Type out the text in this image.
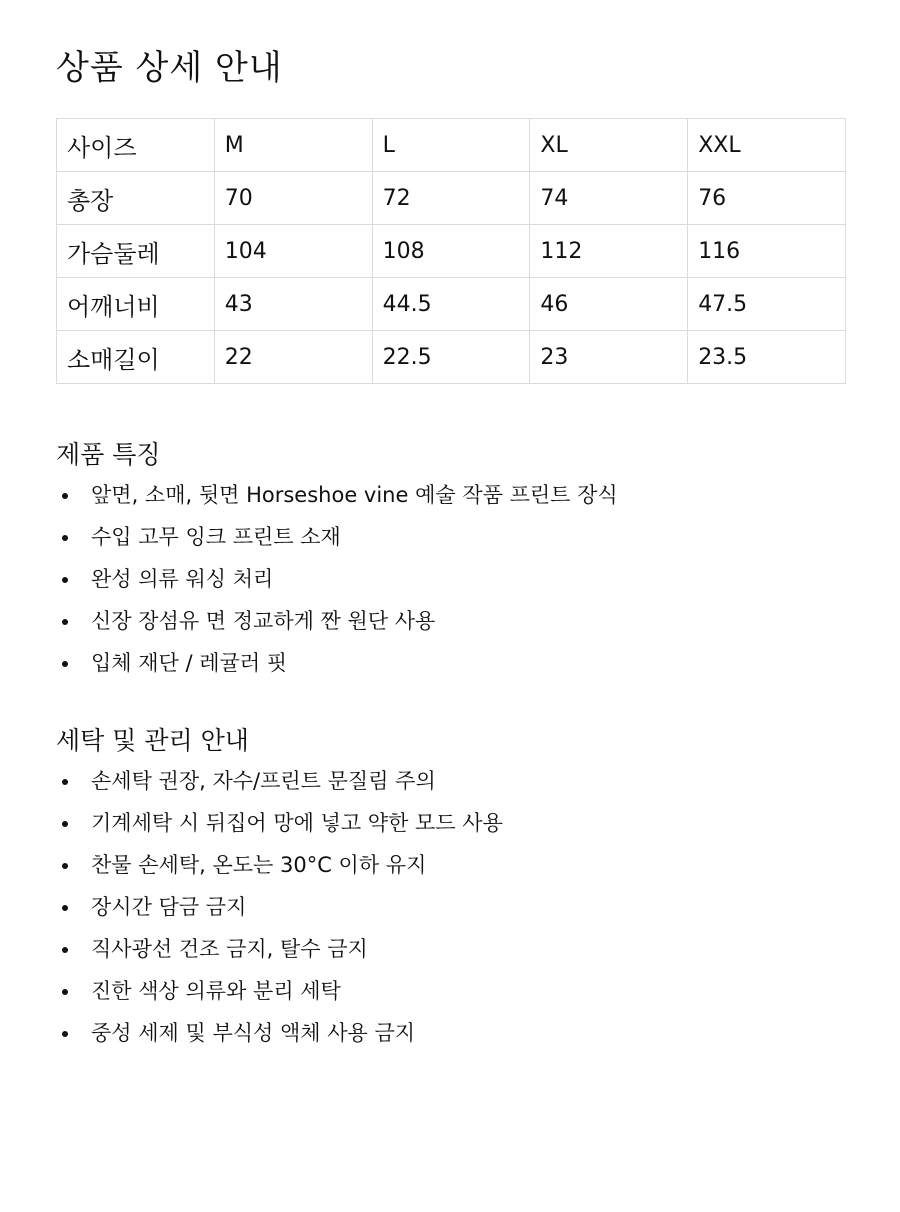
상품 상세 안내
사이즈	M	L	XL	XXL
총장	70	72	74	76
가슴둘레	104	108	112	116
어깨너비	43	44.5	46	47.5
소매길이	22	22.5	23	23.5
제품 특징
앞면, 소매, 뒷면 Horseshoe vine 예술 작품 프린트 장식
수입 고무 잉크 프린트 소재
완성 의류 워싱 처리
신장 장섬유 면 정교하게 짠 원단 사용
입체 재단 / 레귤러 핏
세탁 및 관리 안내
손세탁 권장, 자수/프린트 문질림 주의
기계세탁 시 뒤집어 망에 넣고 약한 모드 사용
찬물 손세탁, 온도는 30°C 이하 유지
장시간 담금 금지
직사광선 건조 금지, 탈수 금지
진한 색상 의류와 분리 세탁
중성 세제 및 부식성 액체 사용 금지
